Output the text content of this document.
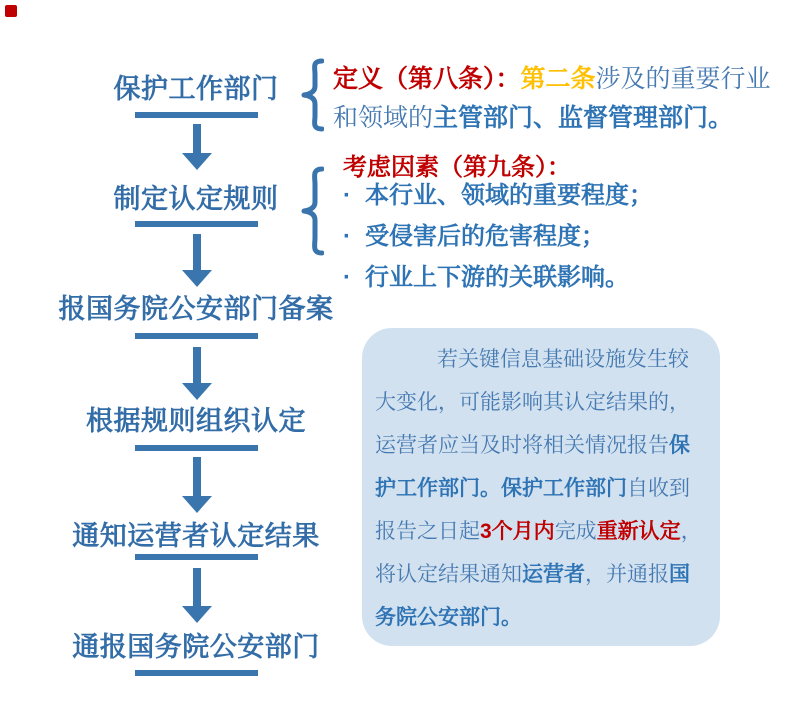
保护工作部门
制定认定规则
报国务院公安部门备案
根据规则组织认定
通知运营者认定结果
通报国务院公安部门
定义（第八条）：第二条涉及的重要行业和领域的主管部门、监督管理部门。
考虑因素（第九条）：
· 本行业、领域的重要程度；
· 受侵害后的危害程度；
· 行业上下游的关联影响。
若关键信息基础设施发生较大变化，可能影响其认定结果的，运营者应当及时将相关情况报告保护工作部门。保护工作部门自收到报告之日起3个月内完成重新认定，将认定结果通知运营者，并通报国务院公安部门。
